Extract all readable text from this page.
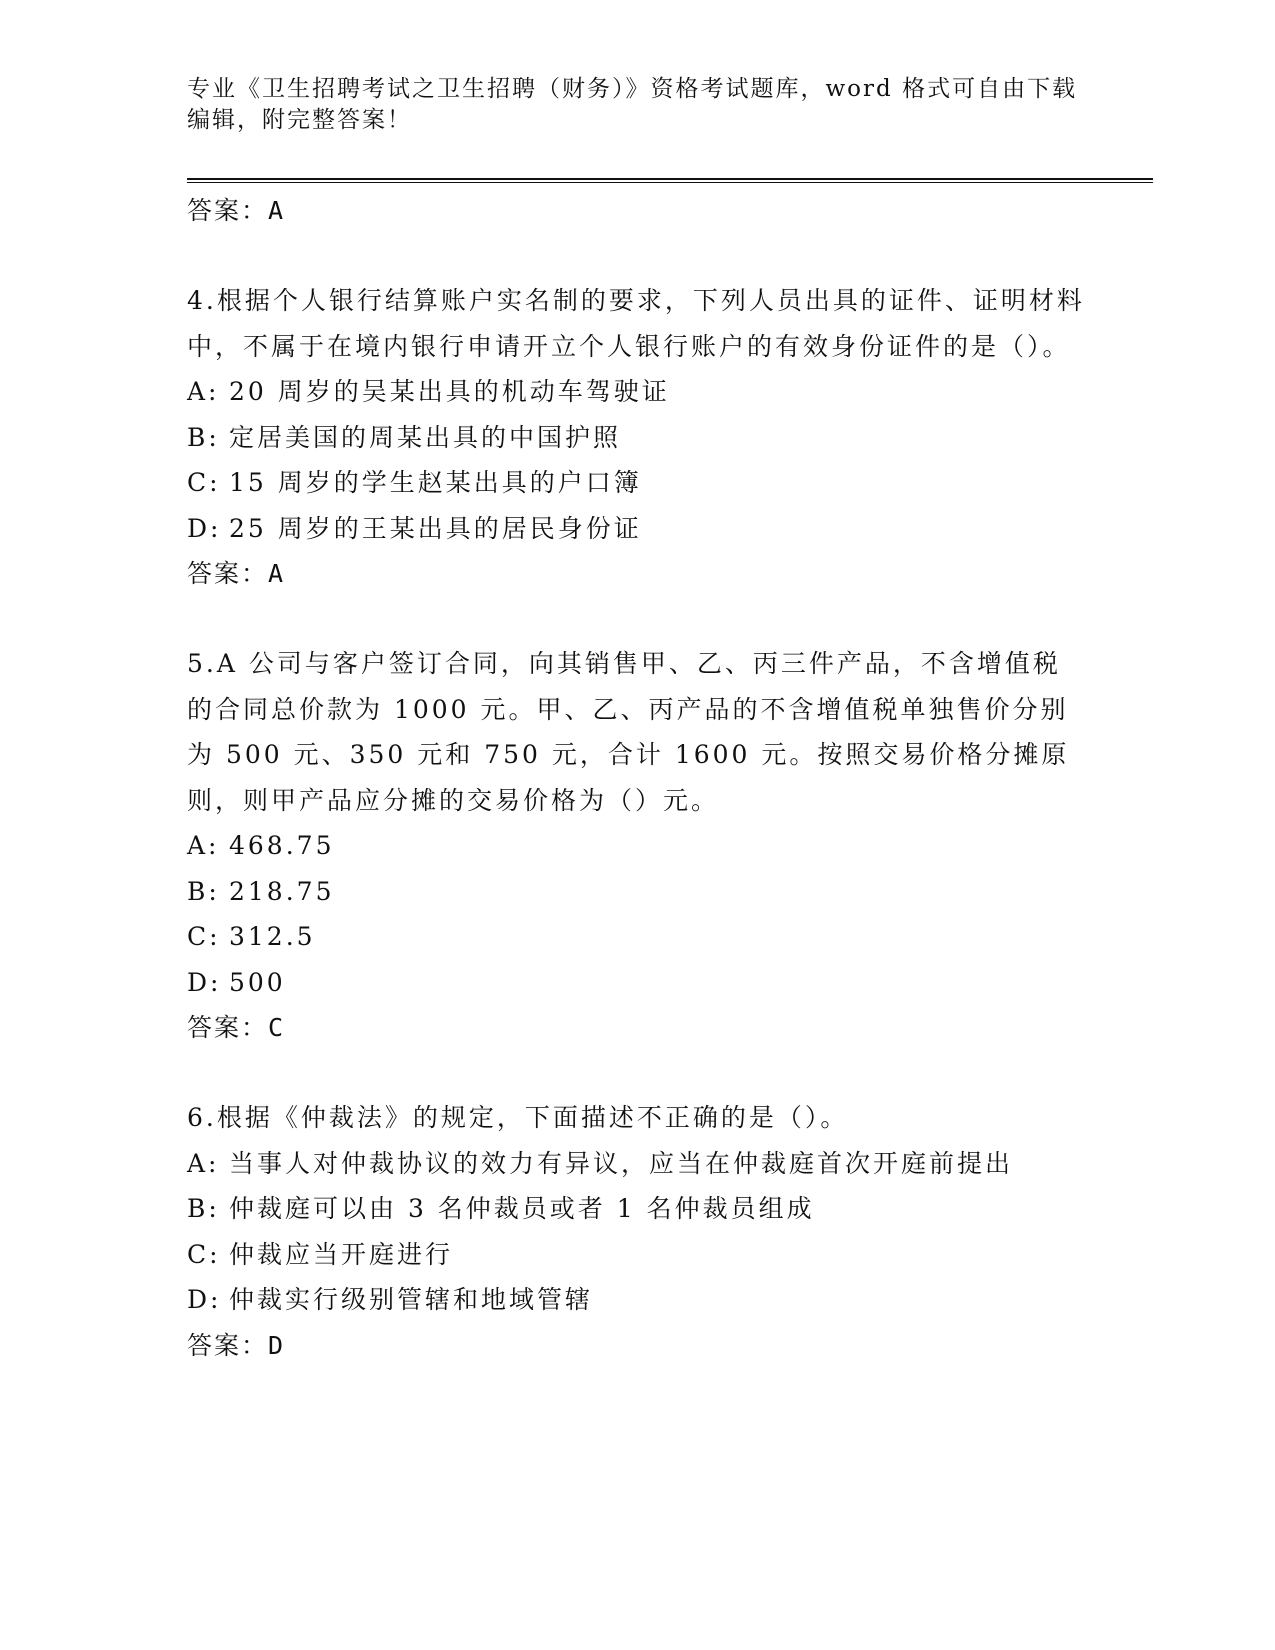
专业《卫生招聘考试之卫生招聘（财务）》资格考试题库，word 格式可自由下载
编辑，附完整答案！
答案：A
4.根据个人银行结算账户实名制的要求，下列人员出具的证件、证明材料中，不属于在境内银行申请开立个人银行账户的有效身份证件的是（）。
A: 20 周岁的吴某出具的机动车驾驶证
B: 定居美国的周某出具的中国护照
C: 15 周岁的学生赵某出具的户口簿
D: 25 周岁的王某出具的居民身份证
答案：A
5.A 公司与客户签订合同，向其销售甲、乙、丙三件产品，不含增值税的合同总价款为 1000 元。甲、乙、丙产品的不含增值税单独售价分别为 500 元、350 元和 750 元，合计 1600 元。按照交易价格分摊原则，则甲产品应分摊的交易价格为（）元。
A: 468.75
B: 218.75
C: 312.5
D: 500
答案：C
6.根据《仲裁法》的规定，下面描述不正确的是（）。
A: 当事人对仲裁协议的效力有异议，应当在仲裁庭首次开庭前提出
B: 仲裁庭可以由 3 名仲裁员或者 1 名仲裁员组成
C: 仲裁应当开庭进行
D: 仲裁实行级别管辖和地域管辖
答案：D
